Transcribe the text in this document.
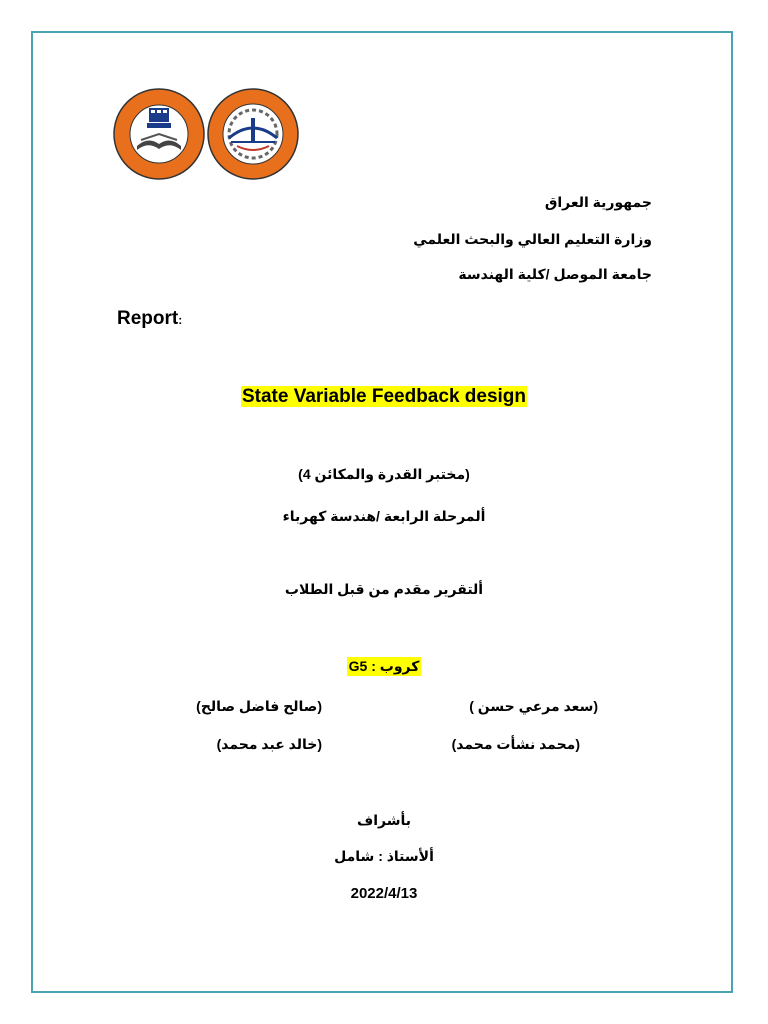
جمهورية العراق
وزارة التعليم العالي والبحث العلمي
جامعة الموصل /كلية الهندسة
Report:
State Variable Feedback design
(مختبر القدرة والمكائن 4)
ألمرحلة الرابعة /هندسة كهرباء
ألتقرير مقدم من قبل الطلاب
كروب : G5
(سعد مرعي حسن )
(صالح فاضل صالح)
(محمد نشأت محمد)
(خالد عبد محمد)
بأشراف
ألأستاذ : شامل
2022/4/13
